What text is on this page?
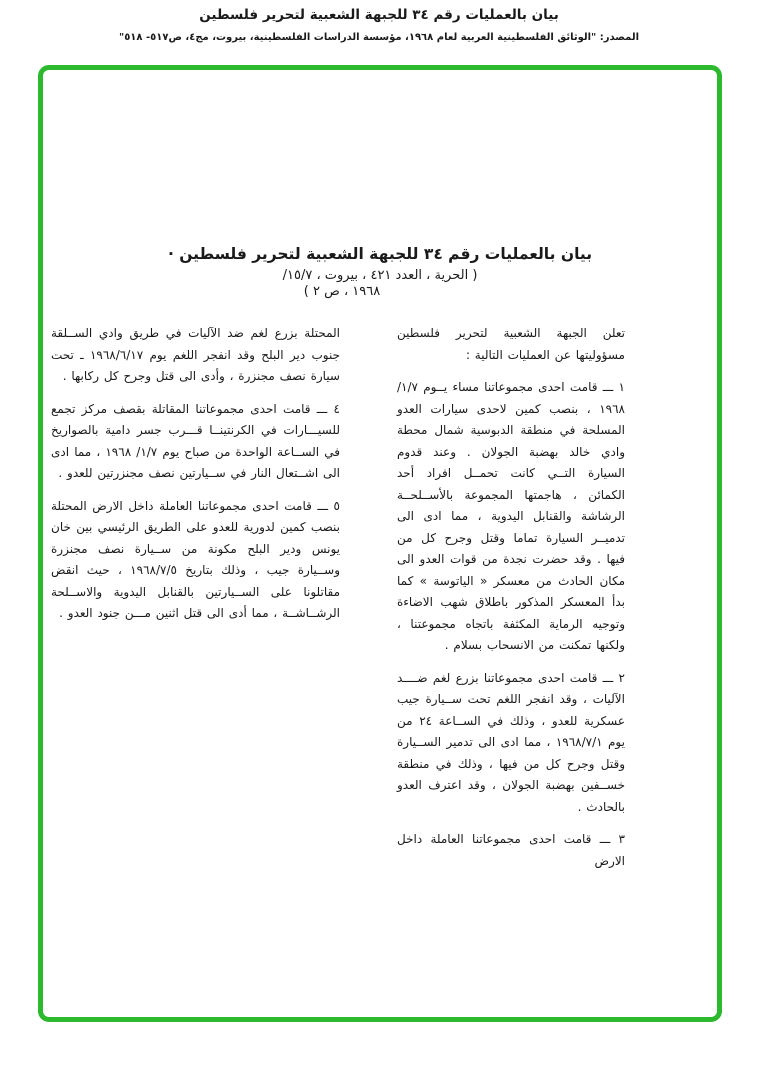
بيان بالعمليات رقم ٣٤ للجبهة الشعبية لتحرير فلسطين
المصدر: "الوثائق الفلسطينية العربية لعام ١٩٦٨، مؤسسة الدراسات الفلسطينية، بيروت، مج٤، ص٥١٧- ٥١٨"
بيان بالعمليات رقم ٣٤ للجبهة الشعبية لتحرير فلسطين ·
( الحرية ، العدد ٤٢١ ، بيروت ، ١٥/٧/
١٩٦٨ ، ص ٢ )

تعلن الجبهة الشعبية لتحرير فلسطين مسؤوليتها عن العمليات التالية :

١ ـــ قامت احدى مجموعاتنا مساء يــوم ١/٧/ ١٩٦٨ ، بنصب كمين لاحدى سيارات العدو المسلحة في منطقة الدبوسية شمال محطة وادي خالد بهضبة الجولان . وعند قدوم السيارة التــي كانت تحمــل افراد أحد الكمائن ، هاجمتها المجموعة بالأســلحــة الرشاشة والقنابل اليدوية ، مما ادى الى تدميــر السيارة تماما وقتل وجرح كل من فيها . وقد حضرت نجدة من قوات العدو الى مكان الحادث من معسكر « الياتوسة » كما بدأ المعسكر المذكور باطلاق شهب الاضاءة وتوجيه الرماية المكثفة باتجاه مجموعتنا ، ولكنها تمكنت من الانسحاب بسلام .

٢ ـــ قامت احدى مجموعاتنا بزرع لغم ضــــد الآليات ، وقد انفجر اللغم تحت ســيارة جيب عسكرية للعدو ، وذلك في الســاعة ٢٤ من يوم ١٩٦٨/٧/١ ، مما ادى الى تدمير الســيارة وقتل وجرح كل من فيها ، وذلك في منطقة خســفين بهضبة الجولان ، وقد اعترف العدو بالحادث .

٣ ـــ قامت احدى مجموعاتنا العاملة داخل الارض

المحتلة بزرع لغم ضد الآليات في طريق وادي الســلقة جنوب دير البلح وقد انفجر اللغم يوم ١٩٦٨/٦/١٧ ـ تحت سيارة نصف مجنزرة ، وأدى الى قتل وجرح كل ركابها .

٤ ـــ قامت احدى مجموعاتنا المقاتلة بقصف مركز تجمع للسيـــارات في الكرنتينــا قـــرب جسر دامية بالصواريخ في الســاعة الواحدة من صباح يوم ١/٧/ ١٩٦٨ ، مما ادى الى اشــتعال النار في ســيارتين نصف مجنزرتين للعدو .

٥ ـــ قامت احدى مجموعاتنا العاملة داخل الارض المحتلة بنصب كمين لدورية للعدو على الطريق الرئيسي بين خان يونس ودير البلح مكونة من ســيارة نصف مجنزرة وســيارة جيب ، وذلك بتاريخ ١٩٦٨/٧/٥ ، حيث انقض مقاتلونا على الســيارتين بالقنابل اليدوية والاســلحة الرشــاشــة ، مما أدى الى قتل اثنين مـــن جنود العدو .
